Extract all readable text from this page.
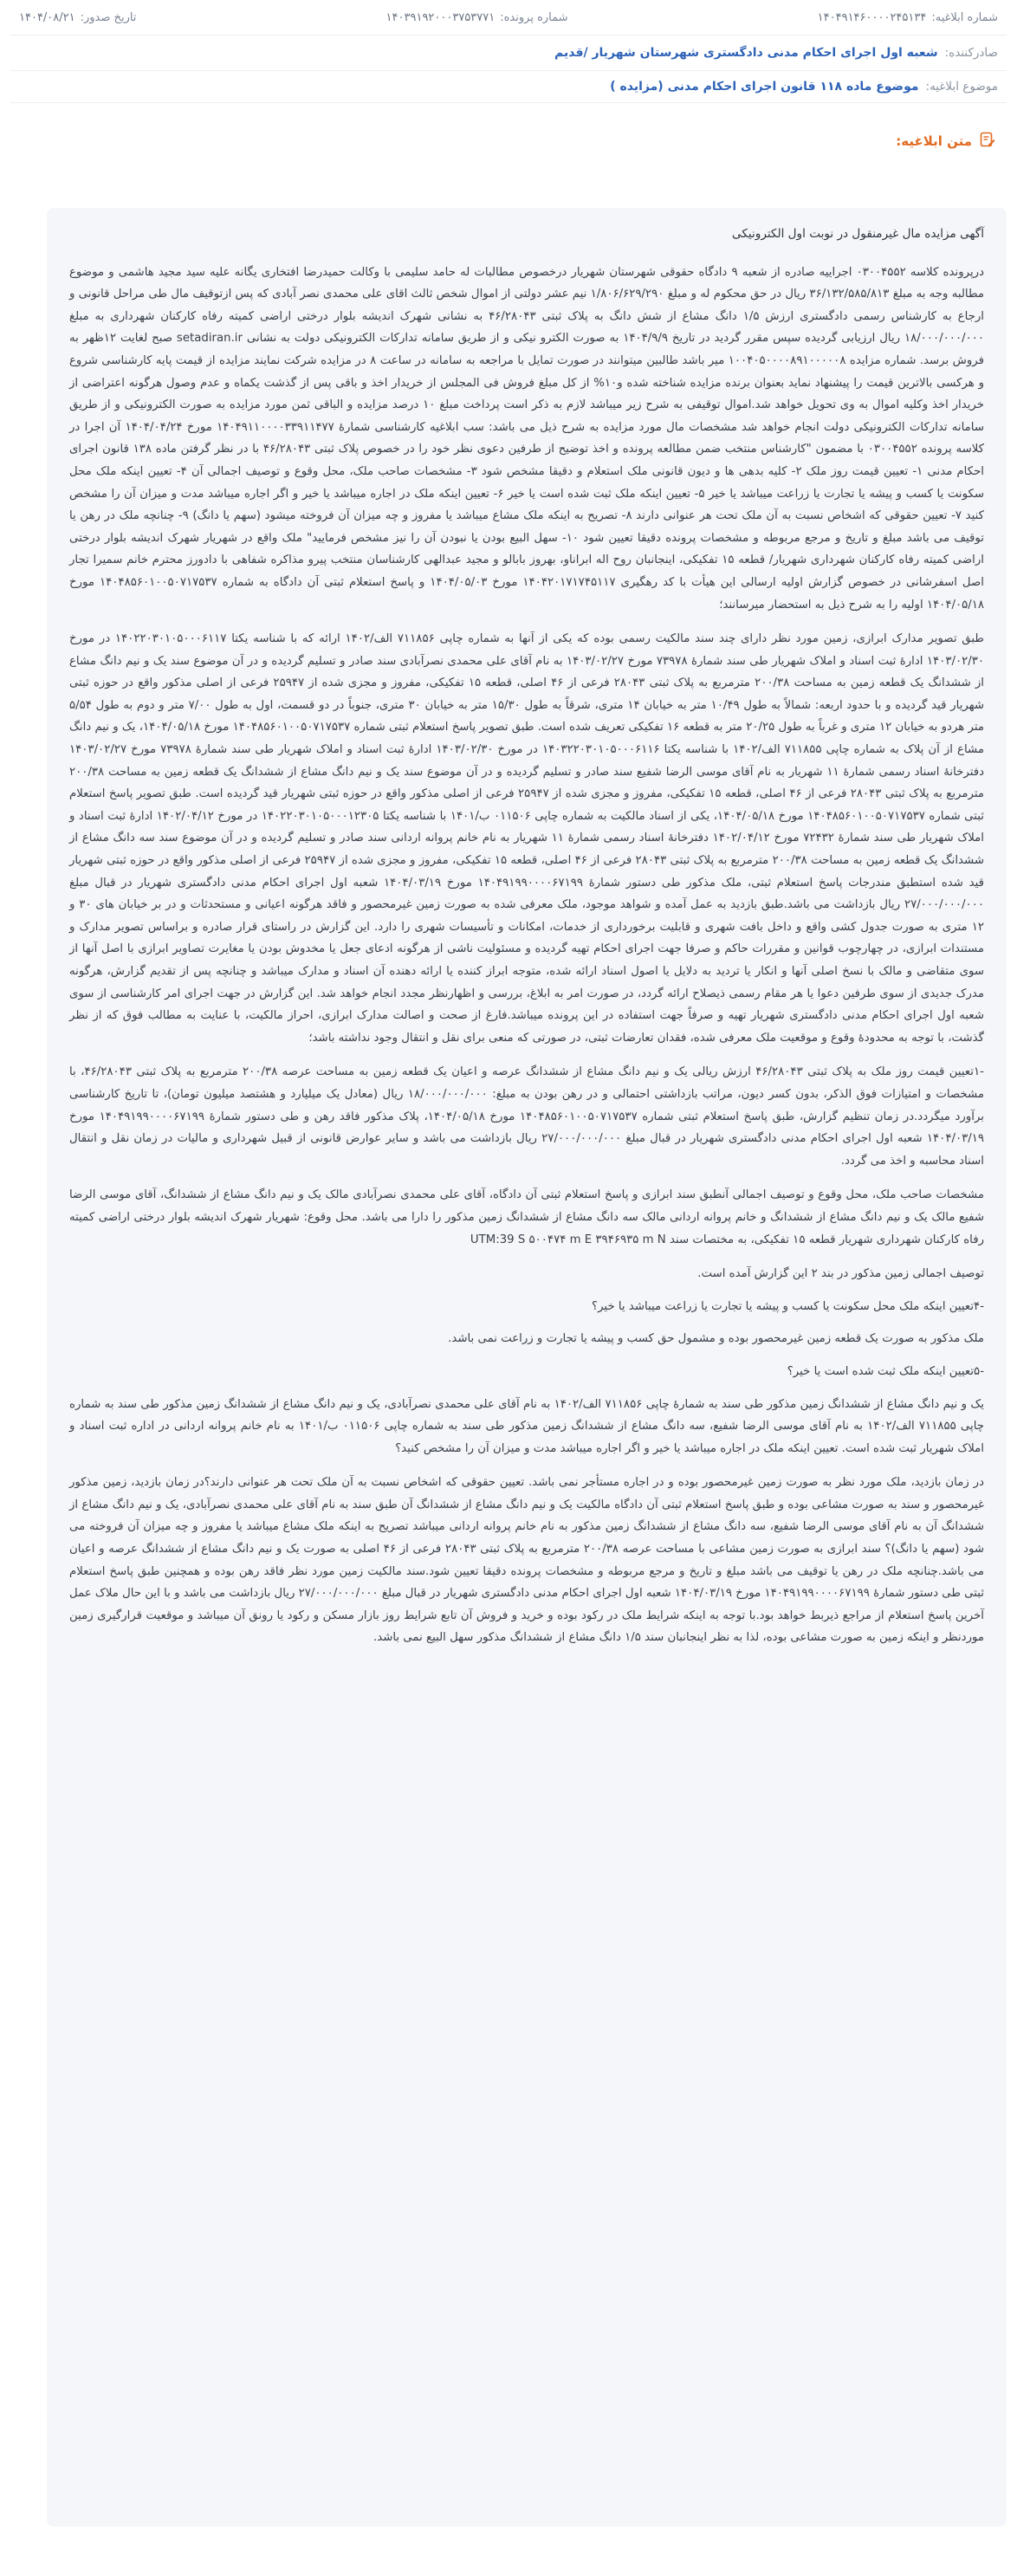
شماره ابلاغیه:
۱۴۰۴۹۱۴۶۰۰۰۰۲۴۵۱۳۴
شماره پرونده:
۱۴۰۳۹۱۹۲۰۰۰۳۷۵۳۷۷۱
تاریخ صدور:
۱۴۰۴/۰۸/۲۱
صادرکننده:
شعبه اول اجرای احکام مدنی دادگستری شهرستان شهریار /قدیم
موضوع ابلاغیه:
موضوع ماده ۱۱۸ قانون اجرای احکام مدنی (مزایده )
متن ابلاغیه:

آگهی مزایده مال غیرمنقول در نوبت اول الکترونیکی

درپرونده کلاسه ۰۳۰۰۴۵۵۲ اجراییه صادره از شعبه ۹ دادگاه حقوقی شهرستان شهریار درخصوص مطالبات له حامد سلیمی با وکالت حمیدرضا افتخاری یگانه علیه سید مجید هاشمی و موضوع مطالبه وجه به مبلغ ۳۶/۱۳۲/۵۸۵/۸۱۳ ریال در حق محکوم له و مبلغ ۱/۸۰۶/۶۲۹/۲۹۰ نیم عشر دولتی از اموال شخص ثالث اقای علی محمدی نصر آبادی که پس ازتوقیف مال طی مراحل قانونی و ارجاع به کارشناس رسمی دادگستری ارزش ۱/۵ دانگ مشاع از شش دانگ به پلاک ثبتی ۴۶/۲۸۰۴۳ به نشانی شهرک اندیشه بلوار درختی اراضی کمیته رفاه کارکنان شهرداری به مبلغ ۱۸/۰۰۰/۰۰۰/۰۰۰ ریال ارزیابی گردیده سپس مقرر گردید در تاریخ ۱۴۰۴/۹/۹ به صورت الکترو نیکی و از طریق سامانه تدارکات الکترونیکی دولت به نشانی setadiran.ir صبح لغایت ۱۲ظهر به فروش برسد. شماره مزایده ۱۰۰۴۰۵۰۰۰۰۸۹۱۰۰۰۰۰۸ میر باشد طالبین میتوانند در صورت تمایل با مراجعه به سامانه در ساعت ۸ در مزایده شرکت نمایند مزایده از قیمت پایه کارشناسی شروع و هرکسی بالاترین قیمت را پیشنهاد نماید بعنوان برنده مزایده شناخته شده و۱۰% از کل مبلغ فروش فی المجلس از خریدار اخذ و باقی پس از گذشت یکماه و عدم وصول هرگونه اعتراضی از خریدار اخذ وکلیه اموال به وی تحویل خواهد شد.اموال توقیفی به شرح زیر میباشد لازم به ذکر است پرداخت مبلغ ۱۰ درصد مزایده و الباقی ثمن مورد مزایده به صورت الکترونیکی و از طریق سامانه تدارکات الکترونیکی دولت انجام خواهد شد مشخصات مال مورد مزایده به شرح ذیل می باشد: سب ابلاغیه کارشناسی شمارهٔ ۱۴۰۴۹۱۱۰۰۰۰۳۳۹۱۱۴۷۷ مورخ ۱۴۰۴/۰۴/۲۴ آن اجرا در کلاسه پرونده ۰۳۰۰۴۵۵۲ با مضمون "کارشناس منتخب ضمن مطالعه پرونده و اخذ توضیح از طرفین دعوی نظر خود را در خصوص پلاک ثبتی ۴۶/۲۸۰۴۳ با در نظر گرفتن ماده ۱۳۸ قانون اجرای احکام مدنی ۱- تعیین قیمت روز ملک ۲- کلیه بدهی ها و دیون قانونی ملک استعلام و دقیقا مشخص شود ۳- مشخصات صاحب ملک، محل وقوع و توصیف اجمالی آن ۴- تعیین اینکه ملک محل سکونت یا کسب و پیشه یا تجارت یا زراعت میباشد یا خیر ۵- تعیین اینکه ملک ثبت شده است یا خیر ۶- تعیین اینکه ملک در اجاره میباشد یا خیر و اگر اجاره میباشد مدت و میزان آن را مشخص کنید ۷- تعیین حقوقی که اشخاص نسبت به آن ملک تحت هر عنوانی دارند ۸- تصریح به اینکه ملک مشاع میباشد یا مفروز و چه میزان آن فروخته میشود (سهم یا دانگ) ۹- چنانچه ملک در رهن یا توقیف می باشد مبلغ و تاریخ و مرجع مربوطه و مشخصات پرونده دقیقا تعیین شود ۱۰- سهل البیع بودن یا نبودن آن را نیز مشخص فرمایید" ملک واقع در شهریار شهرک اندیشه بلوار درختی اراضی کمیته رفاه کارکنان شهرداری شهریار/ قطعه ۱۵ تفکیکی، اینجانبان روح اله ابراناو، بهروز بابالو و مجید عبدالهی کارشناسان منتخب پیرو مذاکره شفاهی با دادورز محترم خانم سمیرا تجار اصل اسفرشانی در خصوص گزارش اولیه ارسالی این هیأت با کد رهگیری ۱۴۰۴۲۰۱۷۱۷۴۵۱۱۷ مورخ ۱۴۰۴/۰۵/۰۳ و پاسخ استعلام ثبتی آن دادگاه به شماره ۱۴۰۴۸۵۶۰۱۰۰۵۰۷۱۷۵۳۷ مورخ ۱۴۰۴/۰۵/۱۸ اولیه را به شرح ذیل به استحضار میرسانند؛

طبق تصویر مدارک ابرازی، زمین مورد نظر دارای چند سند مالکیت رسمی بوده که یکی از آنها به شماره چاپی ۷۱۱۸۵۶ الف/۱۴۰۲ ارائه که با شناسه یکتا ۱۴۰۲۲۰۳۰۱۰۵۰۰۰۶۱۱۷ در مورخ ۱۴۰۳/۰۲/۳۰ ادارهٔ ثبت اسناد و املاک شهریار طی سند شمارهٔ ۷۳۹۷۸ مورخ ۱۴۰۳/۰۲/۲۷ به نام آقای علی محمدی نصرآبادی سند صادر و تسلیم گردیده و در آن موضوع سند یک و نیم دانگ مشاع از ششدانگ یک قطعه زمین به مساحت ۲۰۰/۳۸ مترمربع به پلاک ثبتی ۲۸۰۴۳ فرعی از ۴۶ اصلی، قطعه ۱۵ تفکیکی، مفروز و مجزی شده از ۲۵۹۴۷ فرعی از اصلی مذکور واقع در حوزه ثبتی شهریار قید گردیده و با حدود اربعه: شمالاً به طول ۱۰/۴۹ متر به خیابان ۱۴ متری، شرقاً به طول ۱۵/۳۰ متر به خیابان ۳۰ متری، جنوباً در دو قسمت، اول به طول ۷/۰۰ متر و دوم به طول ۵/۵۴ متر هردو به خیابان ۱۲ متری و غرباً به طول ۲۰/۲۵ متر به قطعه ۱۶ تفکیکی تعریف شده است. طبق تصویر پاسخ استعلام ثبتی شماره ۱۴۰۴۸۵۶۰۱۰۰۵۰۷۱۷۵۳۷ مورخ ۱۴۰۴/۰۵/۱۸، یک و نیم دانگ مشاع از آن پلاک به شماره چاپی ۷۱۱۸۵۵ الف/۱۴۰۲ با شناسه یکتا ۱۴۰۳۲۲۰۳۰۱۰۵۰۰۰۶۱۱۶ در مورخ ۱۴۰۳/۰۲/۳۰ ادارهٔ ثبت اسناد و املاک شهریار طی سند شمارهٔ ۷۳۹۷۸ مورخ ۱۴۰۳/۰۲/۲۷ دفترخانهٔ اسناد رسمی شمارهٔ ۱۱ شهریار به نام آقای موسی الرضا شفیع سند صادر و تسلیم گردیده و در آن موضوع سند یک و نیم دانگ مشاع از ششدانگ یک قطعه زمین به مساحت ۲۰۰/۳۸ مترمربع به پلاک ثبتی ۲۸۰۴۳ فرعی از ۴۶ اصلی، قطعه ۱۵ تفکیکی، مفروز و مجزی شده از ۲۵۹۴۷ فرعی از اصلی مذکور واقع در حوزه ثبتی شهریار قید گردیده است. طبق تصویر پاسخ استعلام ثبتی شماره ۱۴۰۴۸۵۶۰۱۰۰۵۰۷۱۷۵۳۷ مورخ ۱۴۰۴/۰۵/۱۸، یکی از اسناد مالکیت به شماره چاپی ۰۱۱۵۰۶ ب/۱۴۰۱ با شناسه یکتا ۱۴۰۲۲۰۳۰۱۰۵۰۰۰۱۲۳۰۵ در مورخ ۱۴۰۲/۰۴/۱۲ ادارهٔ ثبت اسناد و املاک شهریار طی سند شمارهٔ ۷۲۴۳۲ مورخ ۱۴۰۲/۰۴/۱۲ دفترخانهٔ اسناد رسمی شمارهٔ ۱۱ شهریار به نام خانم پروانه اردانی سند صادر و تسلیم گردیده و در آن موضوع سند سه دانگ مشاع از ششدانگ یک قطعه زمین به مساحت ۲۰۰/۳۸ مترمربع به پلاک ثبتی ۲۸۰۴۳ فرعی از ۴۶ اصلی، قطعه ۱۵ تفکیکی، مفروز و مجزی شده از ۲۵۹۴۷ فرعی از اصلی مذکور واقع در حوزه ثبتی شهریار قید شده استطبق مندرجات پاسخ استعلام ثبتی، ملک مذکور طی دستور شمارهٔ ۱۴۰۴۹۱۹۹۰۰۰۰۶۷۱۹۹ مورخ ۱۴۰۴/۰۳/۱۹ شعبه اول اجرای احکام مدنی دادگستری شهریار در قبال مبلغ ۲۷/۰۰۰/۰۰۰/۰۰۰ ریال بازداشت می باشد.طبق بازدید به عمل آمده و شواهد موجود، ملک معرفی شده به صورت زمین غیرمحصور و فاقد هرگونه اعیانی و مستحدثات و در بر خیابان های ۳۰ و ۱۲ متری به صورت جدول کشی واقع و داخل بافت شهری و قابلیت برخورداری از خدمات، امکانات و تأسیسات شهری را دارد. این گزارش در راستای قرار صادره و براساس تصویر مدارک و مستندات ابرازی، در چهارچوب قوانین و مقررات حاکم و صرفا جهت اجرای احکام تهیه گردیده و مسئولیت ناشی از هرگونه ادعای جعل یا مخدوش بودن یا مغایرت تصاویر ابرازی با اصل آنها از سوی متقاضی و مالک با نسخ اصلی آنها و انکار یا تردید به دلایل یا اصول اسناد ارائه شده، متوجه ابراز کننده یا ارائه دهنده آن اسناد و مدارک میباشد و چنانچه پس از تقدیم گزارش، هرگونه مدرک جدیدی از سوی طرفین دعوا یا هر مقام رسمی ذیصلاح ارائه گردد، در صورت امر به ابلاغ، بررسی و اظهارنظر مجدد انجام خواهد شد. این گزارش در جهت اجرای امر کارشناسی از سوی شعبه اول اجرای احکام مدنی دادگستری شهریار تهیه و صرفاً جهت استفاده در این پرونده میباشد.فارغ از صحت و اصالت مدارک ابرازی، احراز مالکیت، با عنایت به مطالب فوق که از نظر گذشت، با توجه به محدودهٔ وقوع و موقعیت ملک معرفی شده، فقدان تعارضات ثبتی، در صورتی که منعی برای نقل و انتقال وجود نداشته باشد؛

-۱تعیین قیمت روز ملک به پلاک ثبتی ۴۶/۲۸۰۴۳ ارزش ریالی یک و نیم دانگ مشاع از ششدانگ عرصه و اعیان یک قطعه زمین به مساحت عرصه ۲۰۰/۳۸ مترمربع به پلاک ثبتی ۴۶/۲۸۰۴۳، با مشخصات و امتیازات فوق الذکر، بدون کسر دیون، مراتب بازداشتی احتمالی و در رهن بودن به مبلغ: ۱۸/۰۰۰/۰۰۰/۰۰۰ ریال (معادل یک میلیارد و هشتصد میلیون تومان)، تا تاریخ کارشناسی برآورد میگردد.در زمان تنظیم گزارش، طبق پاسخ استعلام ثبتی شماره ۱۴۰۴۸۵۶۰۱۰۰۵۰۷۱۷۵۳۷ مورخ ۱۴۰۴/۰۵/۱۸، پلاک مذکور فاقد رهن و طی دستور شمارهٔ ۱۴۰۴۹۱۹۹۰۰۰۰۶۷۱۹۹ مورخ ۱۴۰۴/۰۳/۱۹ شعبه اول اجرای احکام مدنی دادگستری شهریار در قبال مبلغ ۲۷/۰۰۰/۰۰۰/۰۰۰ ریال بازداشت می باشد و سایر عوارض قانونی از قبیل شهرداری و مالیات در زمان نقل و انتقال اسناد محاسبه و اخذ می گردد.

مشخصات صاحب ملک، محل وقوع و توصیف اجمالی آنطبق سند ابرازی و پاسخ استعلام ثبتی آن دادگاه، آقای علی محمدی نصرآبادی مالک یک و نیم دانگ مشاع از ششدانگ، آقای موسی الرضا شفیع مالک یک و نیم دانگ مشاع از ششدانگ و خانم پروانه اردانی مالک سه دانگ مشاع از ششدانگ زمین مذکور را دارا می باشد. محل وقوع: شهریار شهرک اندیشه بلوار درختی اراضی کمیته رفاه کارکنان شهرداری شهریار قطعه ۱۵ تفکیکی، به مختصات سند UTM:39 S ۵۰۰۴۷۴ m E ۳۹۴۶۹۳۵ m N

توصیف اجمالی زمین مذکور در بند ۲ این گزارش آمده است.

-۴تعیین اینکه ملک محل سکونت یا کسب و پیشه یا تجارت یا زراعت میباشد یا خیر؟

ملک مذکور به صورت یک قطعه زمین غیرمحصور بوده و مشمول حق کسب و پیشه یا تجارت و زراعت نمی باشد.

-۵تعیین اینکه ملک ثبت شده است یا خیر؟

یک و نیم دانگ مشاع از ششدانگ زمین مذکور طی سند به شمارهٔ چاپی ۷۱۱۸۵۶ الف/۱۴۰۲ به نام آقای علی محمدی نصرآبادی، یک و نیم دانگ مشاع از ششدانگ زمین مذکور طی سند به شماره چاپی ۷۱۱۸۵۵ الف/۱۴۰۲ به نام آقای موسی الرضا شفیع، سه دانگ مشاع از ششدانگ زمین مذکور طی سند به شماره چاپی ۰۱۱۵۰۶ ب/۱۴۰۱ به نام خانم پروانه اردانی در اداره ثبت اسناد و املاک شهریار ثبت شده است. تعیین اینکه ملک در اجاره میباشد یا خیر و اگر اجاره میباشد مدت و میزان آن را مشخص کنید؟

در زمان بازدید، ملک مورد نظر به صورت زمین غیرمحصور بوده و در اجاره مستأجر نمی باشد. تعیین حقوقی که اشخاص نسبت به آن ملک تحت هر عنوانی دارند؟در زمان بازدید، زمین مذکور غیرمحصور و سند به صورت مشاعی بوده و طبق پاسخ استعلام ثبتی آن دادگاه مالکیت یک و نیم دانگ مشاع از ششدانگ آن طبق سند به نام آقای علی محمدی نصرآبادی، یک و نیم دانگ مشاع از ششدانگ آن به نام آقای موسی الرضا شفیع، سه دانگ مشاع از ششدانگ زمین مذکور به نام خانم پروانه اردانی میباشد تصریح به اینکه ملک مشاع میباشد یا مفروز و چه میزان آن فروخته می شود (سهم یا دانگ)؟ سند ابرازی به صورت زمین مشاعی با مساحت عرصه ۲۰۰/۳۸ مترمربع به پلاک ثبتی ۲۸۰۴۳ فرعی از ۴۶ اصلی به صورت یک و نیم دانگ مشاع از ششدانگ عرصه و اعیان می باشد.چنانچه ملک در رهن یا توقیف می باشد مبلغ و تاریخ و مرجع مربوطه و مشخصات پرونده دقیقا تعیین شود.سند مالکیت زمین مورد نظر فاقد رهن بوده و همچنین طبق پاسخ استعلام ثبتی طی دستور شمارهٔ ۱۴۰۴۹۱۹۹۰۰۰۰۶۷۱۹۹ مورخ ۱۴۰۴/۰۳/۱۹ شعبه اول اجرای احکام مدنی دادگستری شهریار در قبال مبلغ ۲۷/۰۰۰/۰۰۰/۰۰۰ ریال بازداشت می باشد و با این حال ملاک عمل آخرین پاسخ استعلام از مراجع ذیربط خواهد بود.با توجه به اینکه شرایط ملک در رکود بوده و خرید و فروش آن تابع شرایط روز بازار مسکن و رکود یا رونق آن میباشد و موقعیت قرارگیری زمین موردنظر و اینکه زمین به صورت مشاعی بوده، لذا به نظر اینجانبان سند ۱/۵ دانگ مشاع از ششدانگ مذکور سهل البیع نمی باشد.
